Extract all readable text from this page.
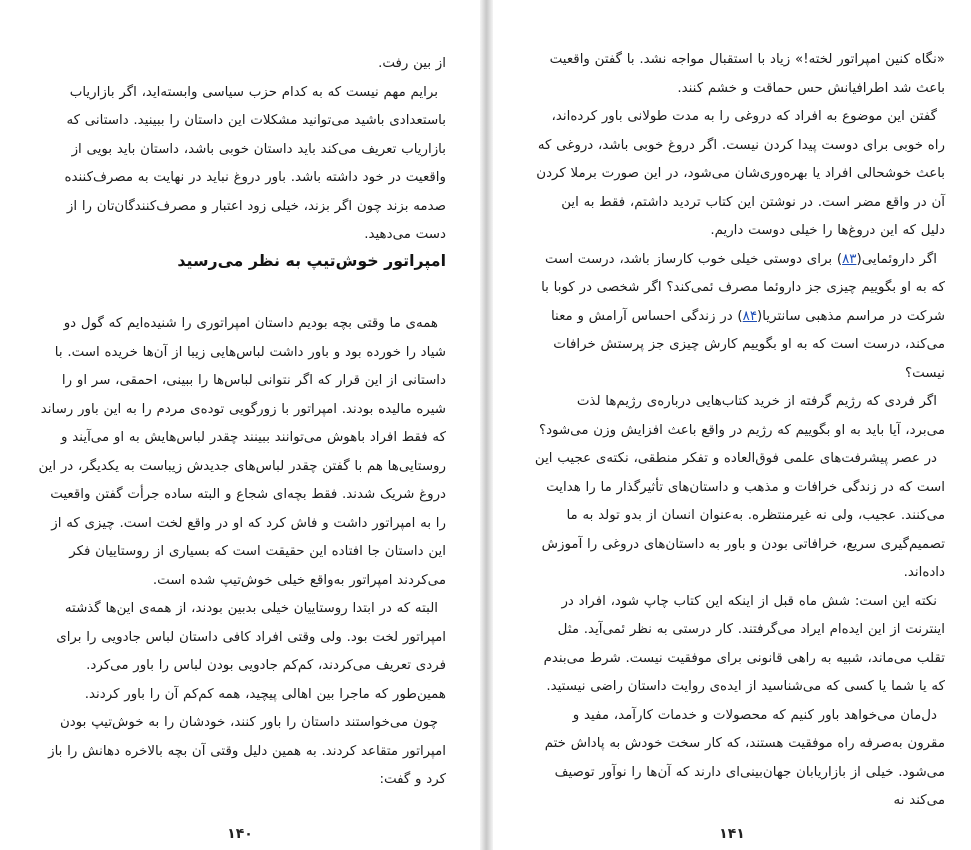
از بین رفت.

برایم مهم نیست که به کدام حزب سیاسی وابسته‌اید، اگر بازاریاب باستعدادی باشید می‌توانید مشکلات این داستان را ببینید. داستانی که بازاریاب تعریف می‌کند باید داستان خوبی باشد، داستان باید بویی از واقعیت در خود داشته باشد. باور دروغ نباید در نهایت به مصرف‌کننده صدمه بزند چون اگر بزند، خیلی زود اعتبار و مصرف‌کنندگان‌تان را از دست می‌دهید.

امپراتور خوش‌تیپ به نظر می‌رسید

همه‌ی ما وقتی بچه بودیم داستان امپراتوری را شنیده‌ایم که گول دو شیاد را خورده بود و باور داشت لباس‌هایی زیبا از آن‌ها خریده است. با داستانی از این قرار که اگر نتوانی لباس‌ها را ببینی، احمقی، سر او را شیره مالیده بودند. امپراتور با زورگویی توده‌ی مردم را به این باور رساند که فقط افراد باهوش می‌توانند ببینند چقدر لباس‌هایش به او می‌آیند و روستایی‌ها هم با گفتن چقدر لباس‌های جدیدش زیباست به یکدیگر، در این دروغ شریک شدند. فقط بچه‌ای شجاع و البته ساده جرأت گفتن واقعیت را به امپراتور داشت و فاش کرد که او در واقع لخت است. چیزی که از این داستان جا افتاده این حقیقت است که بسیاری از روستاییان فکر می‌کردند امپراتور به‌واقع خیلی خوش‌تیپ شده است.

البته که در ابتدا روستاییان خیلی بدبین بودند، از همه‌ی این‌ها گذشته امپراتور لخت بود. ولی وقتی افراد کافی داستان لباس جادویی را برای فردی تعریف می‌کردند، کم‌کم جادویی بودن لباس را باور می‌کرد. همین‌طور که ماجرا بین اهالی پیچید، همه کم‌کم آن را باور کردند.

چون می‌خواستند داستان را باور کنند، خودشان را به خوش‌تیپ بودن امپراتور متقاعد کردند. به همین دلیل وقتی آن بچه بالاخره دهانش را باز کرد و گفت:

۱۴۰

«نگاه کنین امپراتور لخته!» زیاد با استقبال مواجه نشد. با گفتن واقعیت باعث شد اطرافیانش حس حماقت و خشم کنند.

گفتن این موضوع به افراد که دروغی را به مدت طولانی باور کرده‌اند، راه خوبی برای دوست پیدا کردن نیست. اگر دروغ خوبی باشد، دروغی که باعث خوشحالی افراد یا بهره‌وری‌شان می‌شود، در این صورت برملا کردن آن در واقع مضر است. در نوشتن این کتاب تردید داشتم، فقط به این دلیل که این دروغ‌ها را خیلی دوست داریم.

اگر داروئمایی(۸۳) برای دوستی خیلی خوب کارساز باشد، درست است که به او بگوییم چیزی جز داروئما مصرف ئمی‌کند؟ اگر شخصی در کوبا با شرکت در مراسم مذهبی سانتریا(۸۴) در زندگی احساس آرامش و معنا می‌کند، درست است که به او بگوییم کارش چیزی جز پرستش خرافات نیست؟

اگر فردی که رژیم گرفته از خرید کتاب‌هایی درباره‌ی رژیم‌ها لذت می‌برد، آیا باید به او بگوییم که رژیم در واقع باعث افزایش وزن می‌شود؟

در عصر پیشرفت‌های علمی فوق‌العاده و تفکر منطقی، نکته‌ی عجیب این است که در زندگی خرافات و مذهب و داستان‌های تأثیرگذار ما را هدایت می‌کنند. عجیب، ولی نه غیرمنتظره. به‌عنوان انسان از بدو تولد به ما تصمیم‌گیری سریع، خرافاتی بودن و باور به داستان‌های دروغی را آموزش داده‌اند.

نکته این است: شش ماه قبل از اینکه این کتاب چاپ شود، افراد در اینترنت از این ایده‌ام ایراد می‌گرفتند. کار درستی به نظر ئمی‌آید. مثل تقلب می‌ماند، شبیه به راهی قانونی برای موفقیت نیست. شرط می‌بندم که یا شما یا کسی که می‌شناسید از ایده‌ی روایت داستان راضی نیستید.

دل‌مان می‌خواهد باور کنیم که محصولات و خدمات کارآمد، مفید و مقرون به‌صرفه راه موفقیت هستند، که کار سخت خودش به پاداش ختم می‌شود. خیلی از بازاریابان جهان‌بینی‌ای دارند که آن‌ها را نوآور توصیف می‌کند نه

۱۴۱
